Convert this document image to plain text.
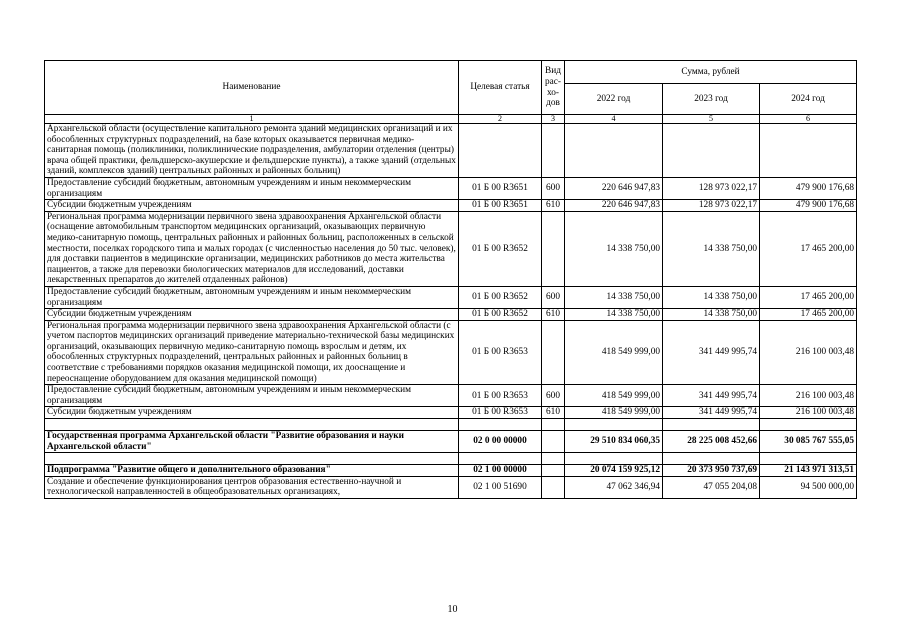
Наименование	Целевая статья	Вид рас-хо-дов	Сумма, рублей		
			2022 год	2023 год	2024 год
1	2	3	4	5	6
Архангельской области (осуществление капитального ремонта зданий медицинских организаций и их обособленных структурных подразделений, на базе которых оказывается первичная медико-санитарная помощь (поликлиники, поликлинические подразделения, амбулатории отделения (центры) врача общей практики, фельдшерско-акушерские и фельдшерские пункты), а также зданий (отдельных зданий, комплексов зданий) центральных районных и районных больниц)					
Предоставление субсидий бюджетным, автономным учреждениям и иным некоммерческим организациям	01 Б 00 R3651	600	220 646 947,83	128 973 022,17	479 900 176,68
Субсидии бюджетным учреждениям	01 Б 00 R3651	610	220 646 947,83	128 973 022,17	479 900 176,68
Региональная программа модернизации первичного звена здравоохранения Архангельской области (оснащение автомобильным транспортом медицинских организаций, оказывающих первичную медико-санитарную помощь, центральных районных и районных больниц, расположенных в сельской местности, поселках городского типа и малых городах (с численностью населения до 50 тыс. человек), для доставки пациентов в медицинские организации, медицинских работников до места жительства пациентов, а также для перевозки биологических материалов для исследований, доставки лекарственных препаратов до жителей отдаленных районов)	01 Б 00 R3652		14 338 750,00	14 338 750,00	17 465 200,00
Предоставление субсидий бюджетным, автономным учреждениям и иным некоммерческим организациям	01 Б 00 R3652	600	14 338 750,00	14 338 750,00	17 465 200,00
Субсидии бюджетным учреждениям	01 Б 00 R3652	610	14 338 750,00	14 338 750,00	17 465 200,00
Региональная программа модернизации первичного звена здравоохранения Архангельской области (с учетом паспортов медицинских организаций приведение материально-технической базы медицинских организаций, оказывающих первичную медико-санитарную помощь взрослым и детям, их обособленных структурных подразделений, центральных районных и районных больниц в соответствие с требованиями порядков оказания медицинской помощи, их дооснащение и переоснащение оборудованием для оказания медицинской помощи)	01 Б 00 R3653		418 549 999,00	341 449 995,74	216 100 003,48
Предоставление субсидий бюджетным, автономным учреждениям и иным некоммерческим организациям	01 Б 00 R3653	600	418 549 999,00	341 449 995,74	216 100 003,48
Субсидии бюджетным учреждениям	01 Б 00 R3653	610	418 549 999,00	341 449 995,74	216 100 003,48

Государственная программа Архангельской области "Развитие образования и науки Архангельской области"	02 0 00 00000		29 510 834 060,35	28 225 008 452,66	30 085 767 555,05

Подпрограмма "Развитие общего и дополнительного образования"	02 1 00 00000		20 074 159 925,12	20 373 950 737,69	21 143 971 313,51
Создание и обеспечение функционирования центров образования естественно-научной и технологической направленностей в общеобразовательных организациях,	02 1 00 51690		47 062 346,94	47 055 204,08	94 500 000,00
10
